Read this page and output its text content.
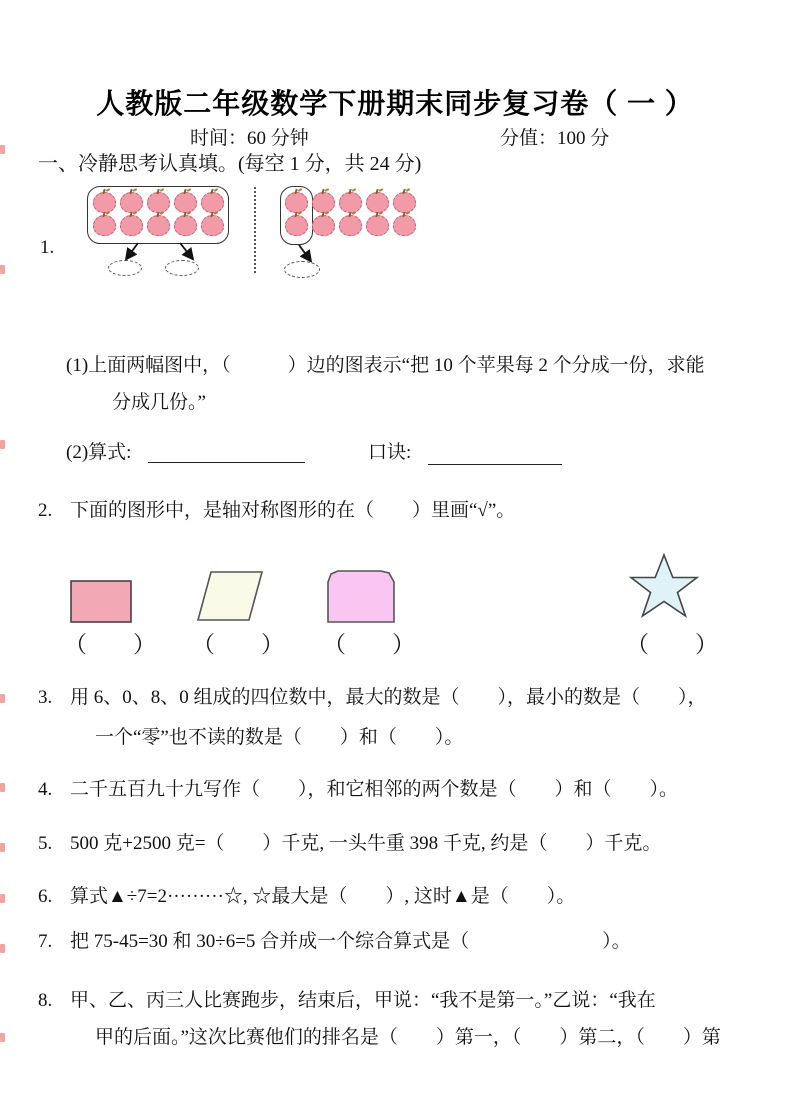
人教版二年级数学下册期末同步复习卷（ 一 ）
时间：60 分钟	分值：100 分
一、冷静思考认真填。(每空 1 分，共 24 分)
1.
(1)上面两幅图中，（　　　）边的图表示“把 10 个苹果每 2 个分成一份，求能
分成几份。”
(2)算式:	口诀:
2. 下面的图形中，是轴对称图形的在（　　）里画“√”。
（　　） （　　） （　　）	（　　）
3. 用 6、0、8、0 组成的四位数中，最大的数是（　　），最小的数是（　　），
一个“零”也不读的数是（　　）和（　　）。
4. 二千五百九十九写作（　　），和它相邻的两个数是（　　）和（　　）。
5. 500 克+2500 克=（　　）千克, 一头牛重 398 千克, 约是（　　）千克。
6. 算式▲÷7=2·········☆, ☆最大是（　　）, 这时▲是（　　）。
7. 把 75-45=30 和 30÷6=5 合并成一个综合算式是（　　　　　　　）。
8. 甲、乙、丙三人比赛跑步，结束后，甲说：“我不是第一。”乙说：“我在
甲的后面。”这次比赛他们的排名是（　　）第一，（　　）第二，（　　）第
